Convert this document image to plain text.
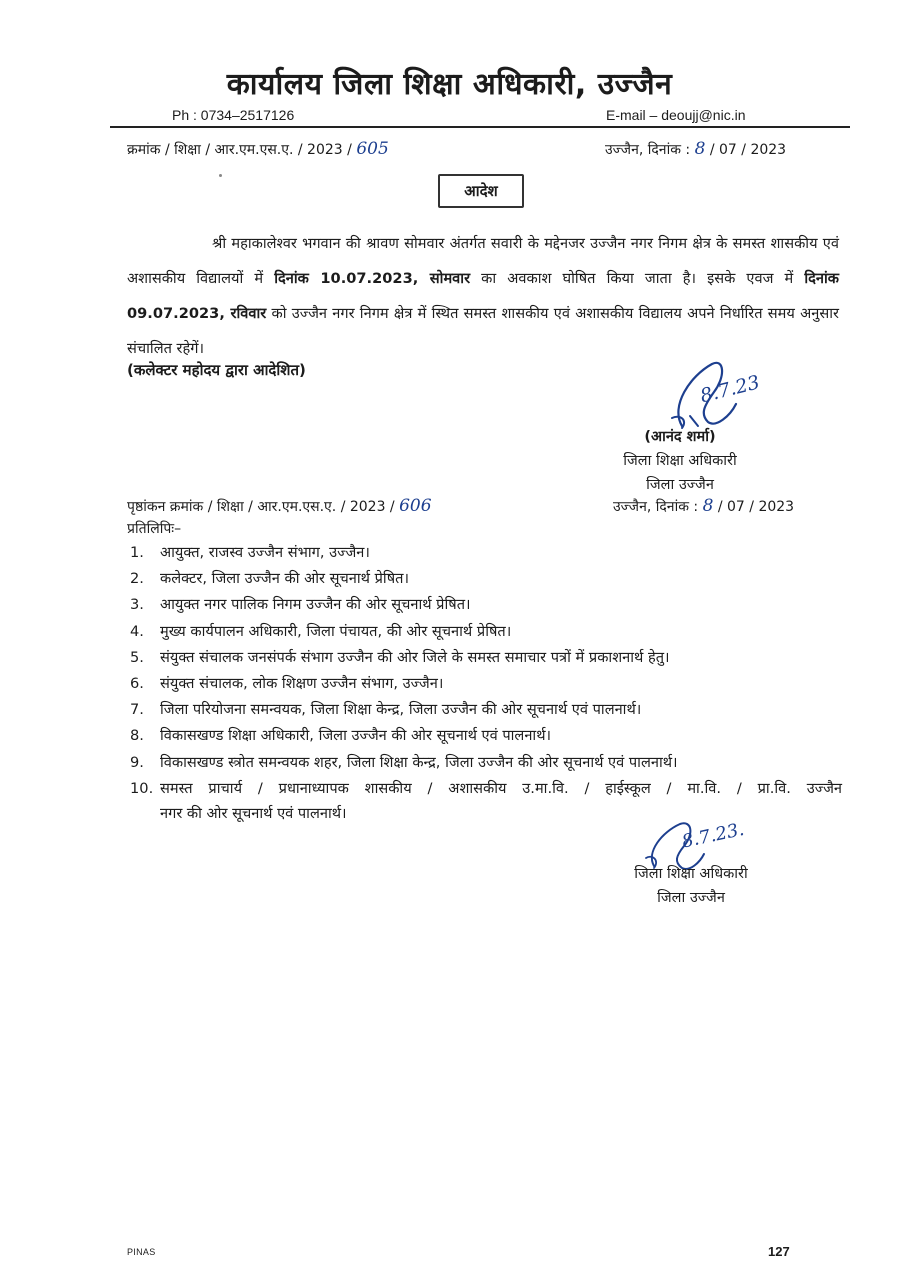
कार्यालय जिला शिक्षा अधिकारी, उज्जैन
Ph : 0734–2517126	E-mail – deoujj@nic.in
क्रमांक / शिक्षा / आर.एम.एस.ए. / 2023 / 605	उज्जैन, दिनांक : 8 / 07 / 2023
आदेश
श्री महाकालेश्वर भगवान की श्रावण सोमवार अंतर्गत सवारी के मद्देनजर उज्जैन नगर निगम क्षेत्र के समस्त शासकीय एवं अशासकीय विद्यालयों में दिनांक 10.07.2023, सोमवार का अवकाश घोषित किया जाता है। इसके एवज में दिनांक 09.07.2023, रविवार को उज्जैन नगर निगम क्षेत्र में स्थित समस्त शासकीय एवं अशासकीय विद्यालय अपने निर्धारित समय अनुसार संचालित रहेगें।
(कलेक्टर महोदय द्वारा आदेशित)
8.7.23
(आनंद शर्मा)
जिला शिक्षा अधिकारी
जिला उज्जैन
पृष्ठांकन क्रमांक / शिक्षा / आर.एम.एस.ए. / 2023 / 606	उज्जैन, दिनांक : 8 / 07 / 2023
प्रतिलिपिः–
1.	आयुक्त, राजस्व उज्जैन संभाग, उज्जैन।
2.	कलेक्टर, जिला उज्जैन की ओर सूचनार्थ प्रेषित।
3.	आयुक्त नगर पालिक निगम उज्जैन की ओर सूचनार्थ प्रेषित।
4.	मुख्य कार्यपालन अधिकारी, जिला पंचायत, की ओर सूचनार्थ प्रेषित।
5.	संयुक्त संचालक जनसंपर्क संभाग उज्जैन की ओर जिले के समस्त समाचार पत्रों में प्रकाशनार्थ हेतु।
6.	संयुक्त संचालक, लोक शिक्षण उज्जैन संभाग, उज्जैन।
7.	जिला परियोजना समन्वयक, जिला शिक्षा केन्द्र, जिला उज्जैन की ओर सूचनार्थ एवं पालनार्थ।
8.	विकासखण्ड शिक्षा अधिकारी, जिला उज्जैन की ओर सूचनार्थ एवं पालनार्थ।
9.	विकासखण्ड स्त्रोत समन्वयक शहर, जिला शिक्षा केन्द्र, जिला उज्जैन की ओर सूचनार्थ एवं पालनार्थ।
10. समस्त प्राचार्य / प्रधानाध्यापक शासकीय / अशासकीय उ.मा.वि. / हाईस्कूल / मा.वि. / प्रा.वि. उज्जैन
नगर की ओर सूचनार्थ एवं पालनार्थ।
8.7.23.
जिला शिक्षा अधिकारी
जिला उज्जैन
PINAS	127
